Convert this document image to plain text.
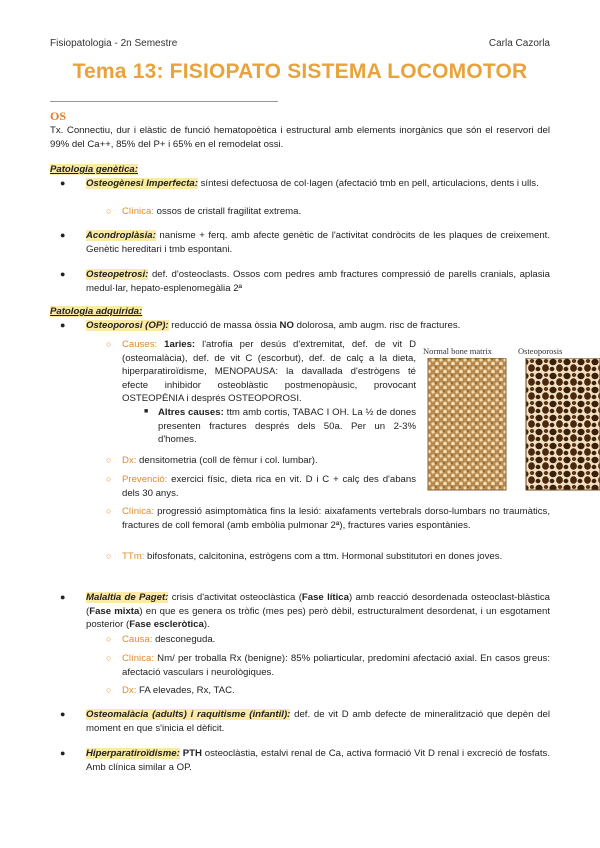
Fisiopatologia - 2n Semestre	Carla Cazorla
Tema 13: FISIOPATO SISTEMA LOCOMOTOR
OS
Tx. Connectiu, dur i elàstic de funció hematopoètica i estructural amb elements inorgànics que són el reservori del 99% del Ca++, 85% del P+ i 65% en el remodelat ossi.
Patologia genètica:
● Osteogènesi Imperfecta: síntesi defectuosa de col·lagen (afectació tmb en pell, articulacions, dents i ulls.
○ Clínica: ossos de cristall fragilitat extrema.
● Acondroplàsia: nanisme + ferq. amb afecte genètic de l'activitat condròcits de les plaques de creixement. Genètic hereditari i tmb espontani.
● Osteopetrosi: def. d'osteoclasts. Ossos com pedres amb fractures compressió de parells cranials, aplasia medul·lar, hepato-esplenomegàlia 2ª
Patologia adquirida:
● Osteoporosi (OP): reducció de massa òssia NO dolorosa, amb augm. risc de fractures.
○ Causes: 1aries: l'atrofia per desús d'extremitat, def. de vit D (osteomalàcia), def. de vit C (escorbut), def. de calç a la dieta, hiperparatiroïdisme, MENOPAUSA: la davallada d'estrògens té efecte inhibidor osteoblàstic postmenopàusic, provocant OSTEOPÈNIA i després OSTEOPOROSI.
■ Altres causes: ttm amb cortis, TABAC I OH. La ½ de dones presenten fractures després dels 50a. Per un 2-3% d'homes.
○ Dx: densitometria (coll de fèmur i col. lumbar).
○ Prevenció: exercici físic, dieta rica en vit. D i C + calç des d'abans dels 30 anys.
○ Clínica: progressió asimptomàtica fins la lesió: aixafaments vertebrals dorso-lumbars no traumàtics, fractures de coll femoral (amb embòlia pulmonar 2ª), fractures varies espontànies.
○ TTm: bifosfonats, calcitonina, estrògens com a ttm. Hormonal substitutori en dones joves.
Normal bone matrix	Osteoporosis
● Malaltia de Paget: crisis d'activitat osteoclàstica (Fase lítica) amb reacció desordenada osteoclast-blàstica (Fase mixta) en que es genera os tròfic (mes pes) però dèbil, estructuralment desordenat, i un esgotament posterior (Fase escleròtica).
○ Causa: desconeguda.
○ Clínica: Nm/ per troballa Rx (benigne): 85% poliarticular, predomini afectació axial. En casos greus: afectació vasculars i neurològiques.
○ Dx: FA elevades, Rx, TAC.
● Osteomalàcia (adults) i raquitisme (infantil): def. de vit D amb defecte de mineralització que depèn del moment en que s'inicia el dèficit.
● Hiperparatiroïdisme: PTH osteoclàstia, estalvi renal de Ca, activa formació Vit D renal i excreció de fosfats. Amb clínica similar a OP.
